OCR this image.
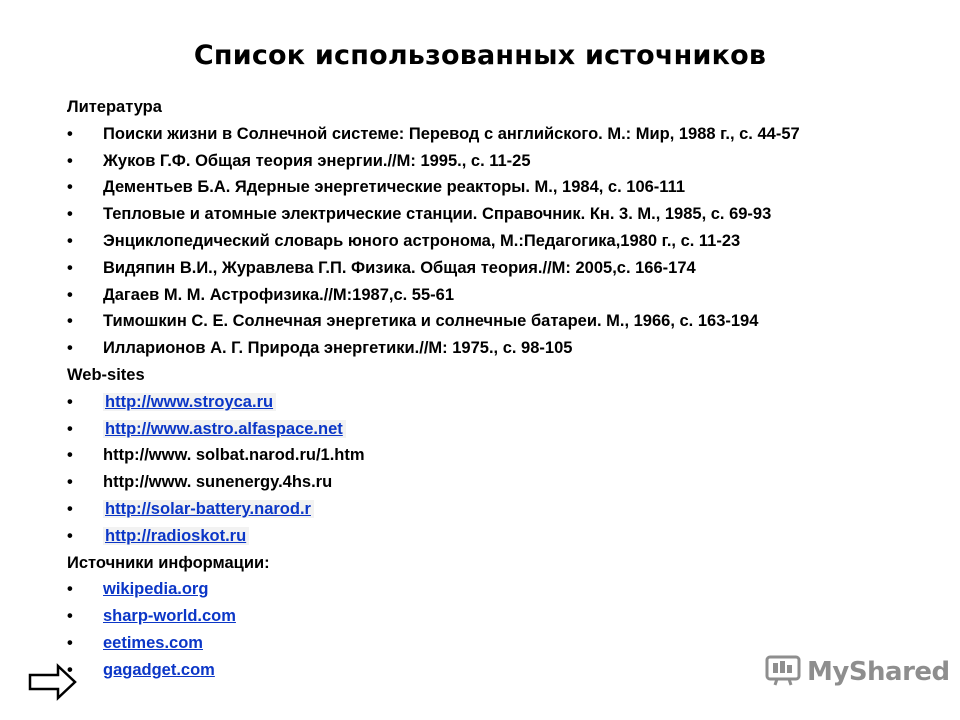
Список использованных источников
Литература
•	Поиски жизни в Солнечной системе: Перевод с английского. М.: Мир, 1988 г., с. 44-57
•	Жуков Г.Ф. Общая теория энергии.//М: 1995., с. 11-25
•	Дементьев Б.А. Ядерные энергетические реакторы. М., 1984, с. 106-111
•	Тепловые и атомные электрические станции. Справочник. Кн. 3. М., 1985, с. 69-93
•	Энциклопедический словарь юного астронома, М.:Педагогика,1980 г., с. 11-23
•	Видяпин В.И., Журавлева Г.П. Физика. Общая теория.//М: 2005,с. 166-174
•	Дагаев М. М. Астрофизика.//М:1987,с. 55-61
•	Тимошкин С. Е. Солнечная энергетика и солнечные батареи. М., 1966, с. 163-194
•	Илларионов А. Г. Природа энергетики.//М: 1975., с. 98-105
Web-sites
•	http://www.stroyca.ru
•	http://www.astro.alfaspace.net
•	http://www. solbat.narod.ru/1.htm
•	http://www. sunenergy.4hs.ru
•	http://solar-battery.narod.r
•	http://radioskot.ru
Источники информации:
•	wikipedia.org
•	sharp-world.com
•	eetimes.com
•	gagadget.com	MyShared
